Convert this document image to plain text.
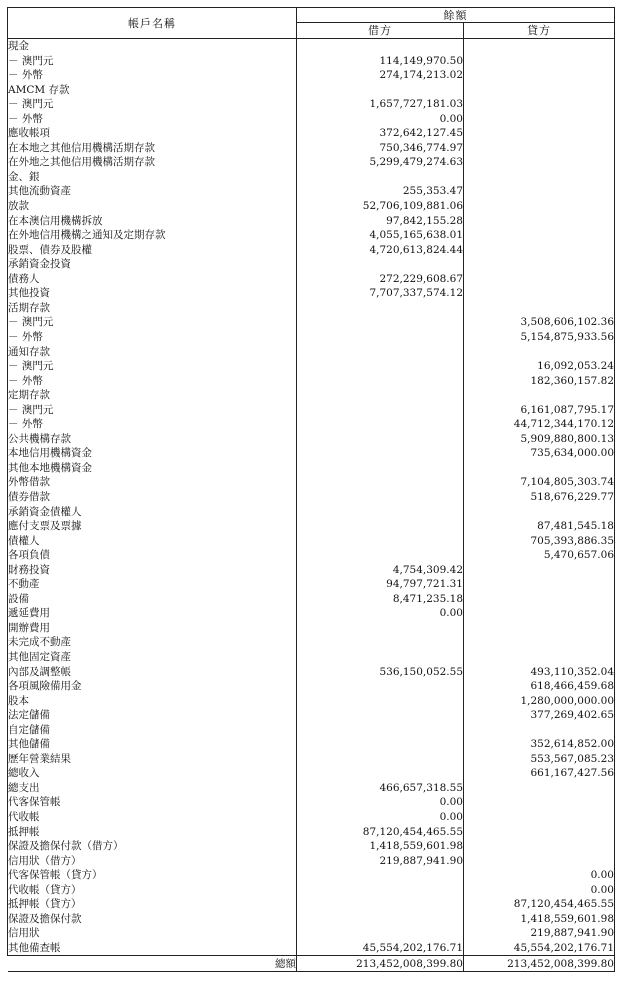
帳戶名稱	餘額	
	借方	貸方
現金		
－ 澳門元	114,149,970.50	
－ 外幣	274,174,213.02	
AMCM 存款		
－ 澳門元	1,657,727,181.03	
－ 外幣	0.00	
應收帳項	372,642,127.45	
在本地之其他信用機構活期存款	750,346,774.97	
在外地之其他信用機構活期存款	5,299,479,274.63	
金、銀		
其他流動資產	255,353.47	
放款	52,706,109,881.06	
在本澳信用機構拆放	97,842,155.28	
在外地信用機構之通知及定期存款	4,055,165,638.01	
股票、債券及股權	4,720,613,824.44	
承銷資金投資		
債務人	272,229,608.67	
其他投資	7,707,337,574.12	
活期存款		
－ 澳門元		3,508,606,102.36
－ 外幣		5,154,875,933.56
通知存款		
－ 澳門元		16,092,053.24
－ 外幣		182,360,157.82
定期存款		
－ 澳門元		6,161,087,795.17
－ 外幣		44,712,344,170.12
公共機構存款		5,909,880,800.13
本地信用機構資金		735,634,000.00
其他本地機構資金		
外幣借款		7,104,805,303.74
債券借款		518,676,229.77
承銷資金債權人		
應付支票及票據		87,481,545.18
債權人		705,393,886.35
各項負債		5,470,657.06
財務投資	4,754,309.42	
不動產	94,797,721.31	
設備	8,471,235.18	
遞延費用	0.00	
開辦費用		
未完成不動產		
其他固定資產		
內部及調整帳	536,150,052.55	493,110,352.04
各項風險備用金		618,466,459.68
股本		1,280,000,000.00
法定儲備		377,269,402.65
自定儲備		
其他儲備		352,614,852.00
歷年營業結果		553,567,085.23
總收入		661,167,427.56
總支出	466,657,318.55	
代客保管帳	0.00	
代收帳	0.00	
抵押帳	87,120,454,465.55	
保證及擔保付款（借方）	1,418,559,601.98	
信用狀（借方）	219,887,941.90	
代客保管帳（貸方）		0.00
代收帳（貸方）		0.00
抵押帳（貸方）		87,120,454,465.55
保證及擔保付款		1,418,559,601.98
信用狀		219,887,941.90
其他備查帳	45,554,202,176.71	45,554,202,176.71
總額	213,452,008,399.80	213,452,008,399.80
